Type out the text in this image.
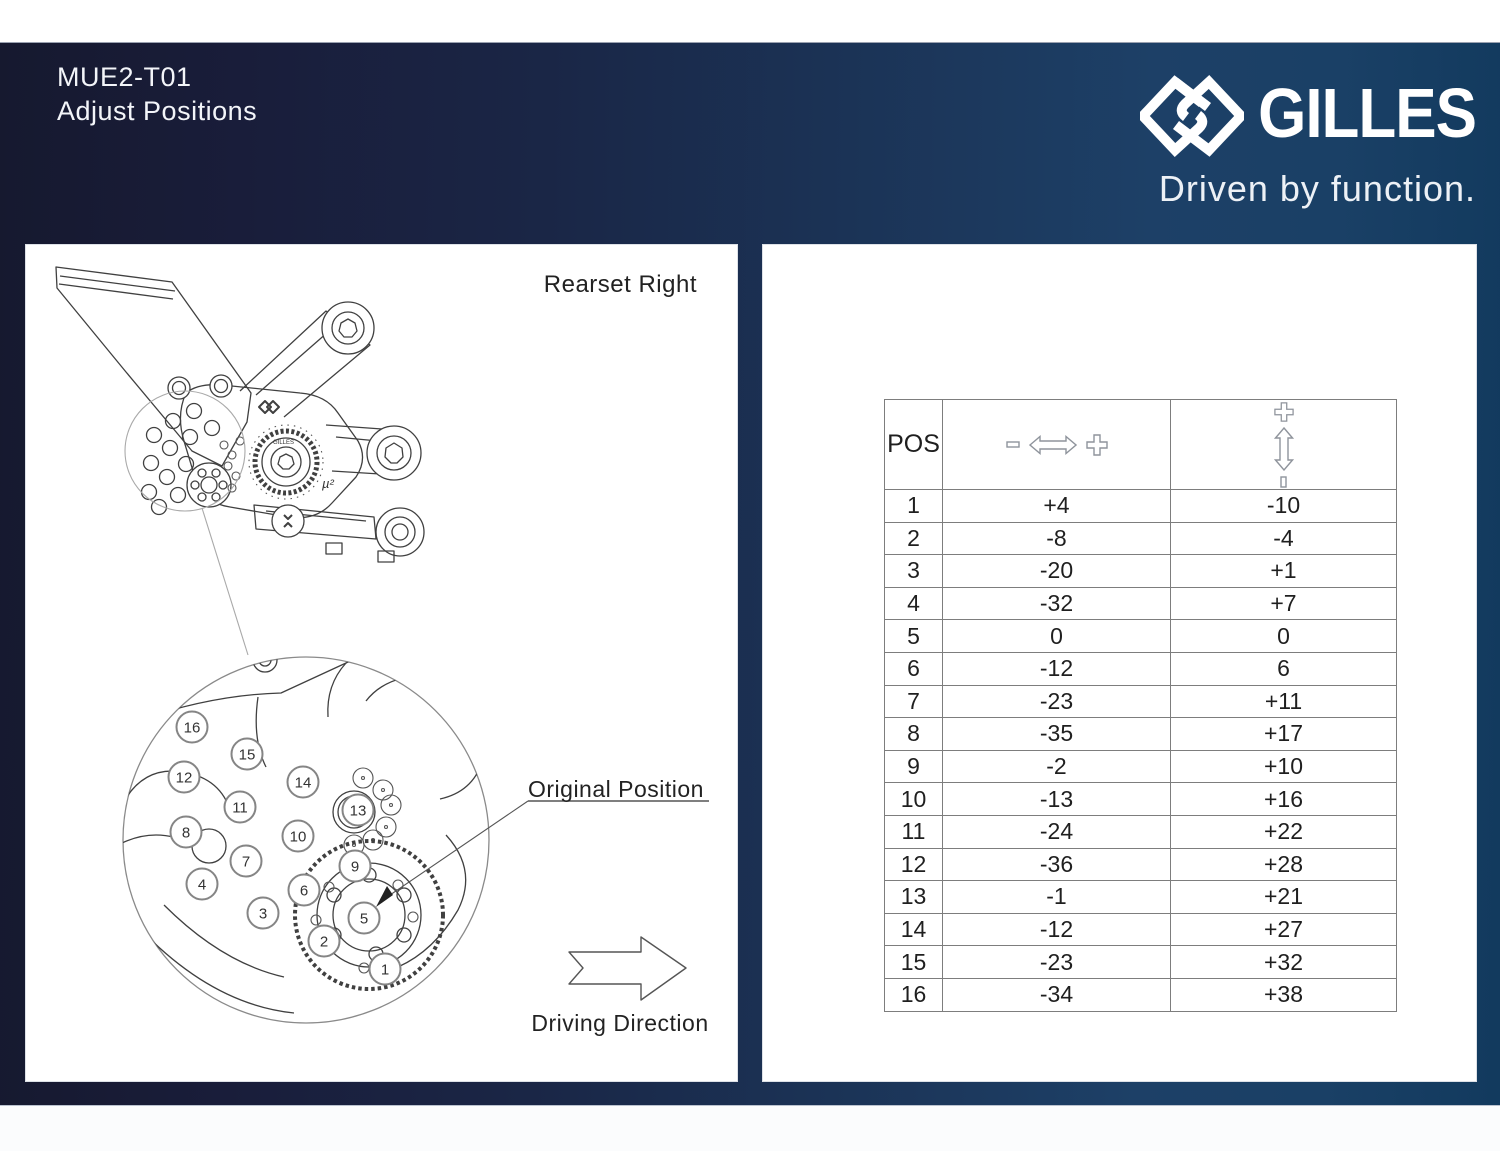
MUE2-T01
Adjust Positions	GILLES
Driven by function.
µ²
GILLES
16
15
12	14
11
8	10
13
7	9
4	6
3	5
2
1
Rearset Right
Original Position
Driving Direction
POS	

1	+4	-10
2	-8	-4
3	-20	+1
4	-32	+7
5	0	0
6	-12	6
7	-23	+11
8	-35	+17
9	-2	+10
10	-13	+16
11	-24	+22
12	-36	+28
13	-1	+21
14	-12	+27
15	-23	+32
16	-34	+38
